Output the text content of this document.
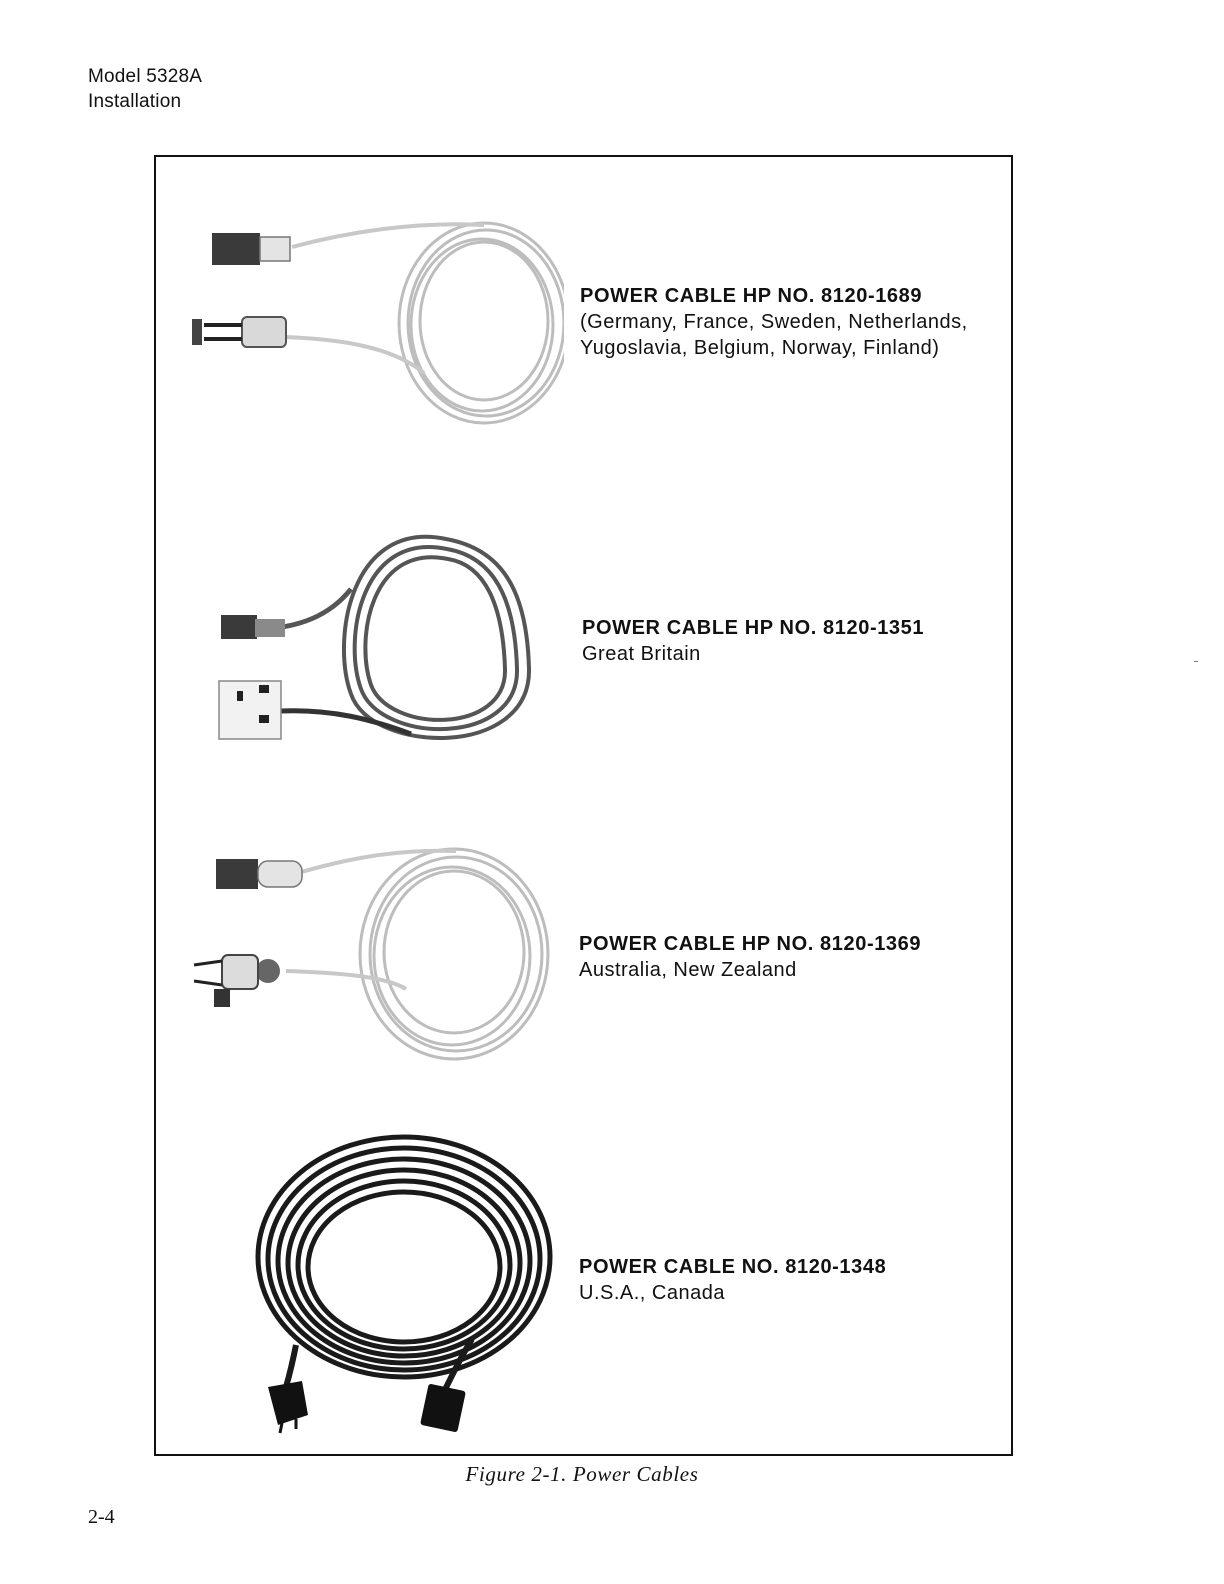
Model 5328A
Installation
POWER CABLE HP NO. 8120-1689
(Germany, France, Sweden, Netherlands,
Yugoslavia, Belgium, Norway, Finland)
POWER CABLE HP NO. 8120-1351
Great Britain
POWER CABLE HP NO. 8120-1369
Australia, New Zealand
POWER CABLE NO. 8120-1348
U.S.A., Canada
Figure 2-1. Power Cables
2-4
